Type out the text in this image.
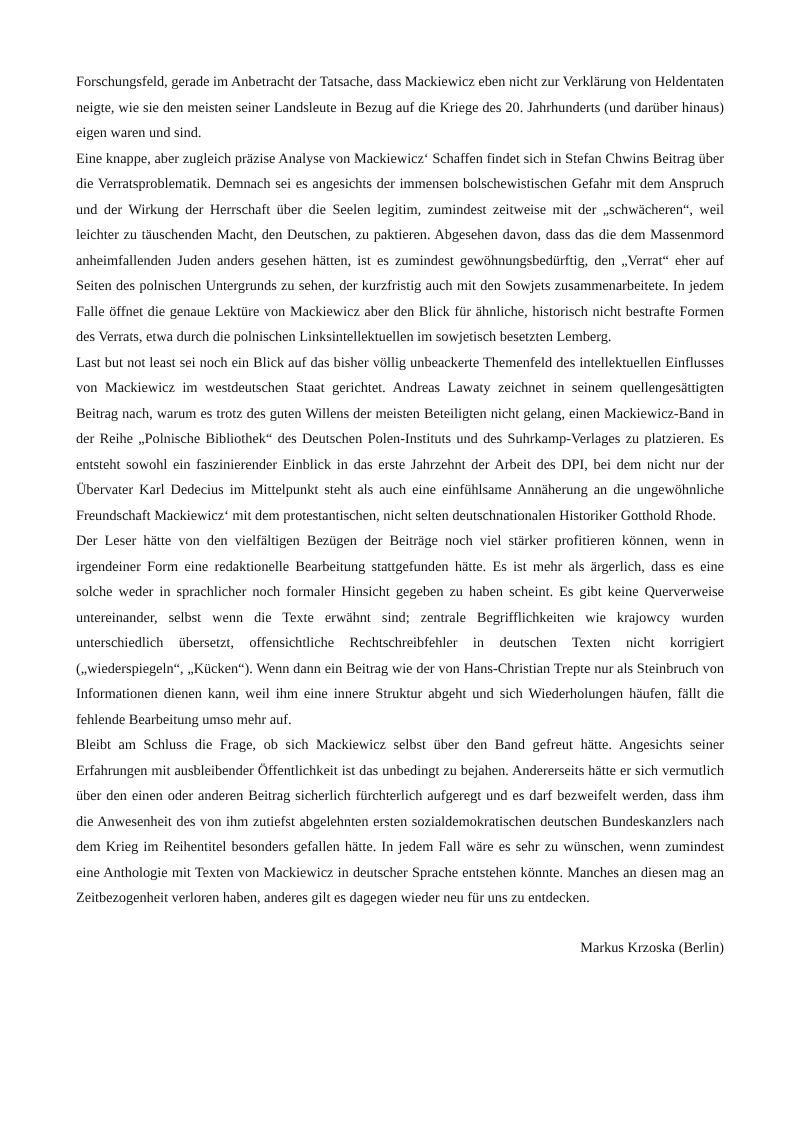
Forschungsfeld, gerade im Anbetracht der Tatsache, dass Mackiewicz eben nicht zur Verklärung von Heldentaten neigte, wie sie den meisten seiner Landsleute in Bezug auf die Kriege des 20. Jahrhunderts (und darüber hinaus) eigen waren und sind.

Eine knappe, aber zugleich präzise Analyse von Mackiewicz‘ Schaffen findet sich in Stefan Chwins Beitrag über die Verratsproblematik. Demnach sei es angesichts der immensen bolschewistischen Gefahr mit dem Anspruch und der Wirkung der Herrschaft über die Seelen legitim, zumindest zeitweise mit der „schwächeren“, weil leichter zu täuschenden Macht, den Deutschen, zu paktieren. Abgesehen davon, dass das die dem Massenmord anheimfallenden Juden anders gesehen hätten, ist es zumindest gewöhnungsbedürftig, den „Verrat“ eher auf Seiten des polnischen Untergrunds zu sehen, der kurzfristig auch mit den Sowjets zusammenarbeitete. In jedem Falle öffnet die genaue Lektüre von Mackiewicz aber den Blick für ähnliche, historisch nicht bestrafte Formen des Verrats, etwa durch die polnischen Linksintellektuellen im sowjetisch besetzten Lemberg.

Last but not least sei noch ein Blick auf das bisher völlig unbeackerte Themenfeld des intellektuellen Einflusses von Mackiewicz im westdeutschen Staat gerichtet. Andreas Lawaty zeichnet in seinem quellengesättigten Beitrag nach, warum es trotz des guten Willens der meisten Beteiligten nicht gelang, einen Mackiewicz-Band in der Reihe „Polnische Bibliothek“ des Deutschen Polen-Instituts und des Suhrkamp-Verlages zu platzieren. Es entsteht sowohl ein faszinierender Einblick in das erste Jahrzehnt der Arbeit des DPI, bei dem nicht nur der Übervater Karl Dedecius im Mittelpunkt steht als auch eine einfühlsame Annäherung an die ungewöhnliche Freundschaft Mackiewicz‘ mit dem protestantischen, nicht selten deutschnationalen Historiker Gotthold Rhode.

Der Leser hätte von den vielfältigen Bezügen der Beiträge noch viel stärker profitieren können, wenn in irgendeiner Form eine redaktionelle Bearbeitung stattgefunden hätte. Es ist mehr als ärgerlich, dass es eine solche weder in sprachlicher noch formaler Hinsicht gegeben zu haben scheint. Es gibt keine Querverweise untereinander, selbst wenn die Texte erwähnt sind; zentrale Begrifflichkeiten wie krajowcy wurden unterschiedlich übersetzt, offensichtliche Rechtschreibfehler in deutschen Texten nicht korrigiert („wiederspiegeln“, „Kücken“). Wenn dann ein Beitrag wie der von Hans-Christian Trepte nur als Steinbruch von Informationen dienen kann, weil ihm eine innere Struktur abgeht und sich Wiederholungen häufen, fällt die fehlende Bearbeitung umso mehr auf.

Bleibt am Schluss die Frage, ob sich Mackiewicz selbst über den Band gefreut hätte. Angesichts seiner Erfahrungen mit ausbleibender Öffentlichkeit ist das unbedingt zu bejahen. Andererseits hätte er sich vermutlich über den einen oder anderen Beitrag sicherlich fürchterlich aufgeregt und es darf bezweifelt werden, dass ihm die Anwesenheit des von ihm zutiefst abgelehnten ersten sozialdemokratischen deutschen Bundeskanzlers nach dem Krieg im Reihentitel besonders gefallen hätte. In jedem Fall wäre es sehr zu wünschen, wenn zumindest eine Anthologie mit Texten von Mackiewicz in deutscher Sprache entstehen könnte. Manches an diesen mag an Zeitbezogenheit verloren haben, anderes gilt es dagegen wieder neu für uns zu entdecken.

Markus Krzoska (Berlin)
